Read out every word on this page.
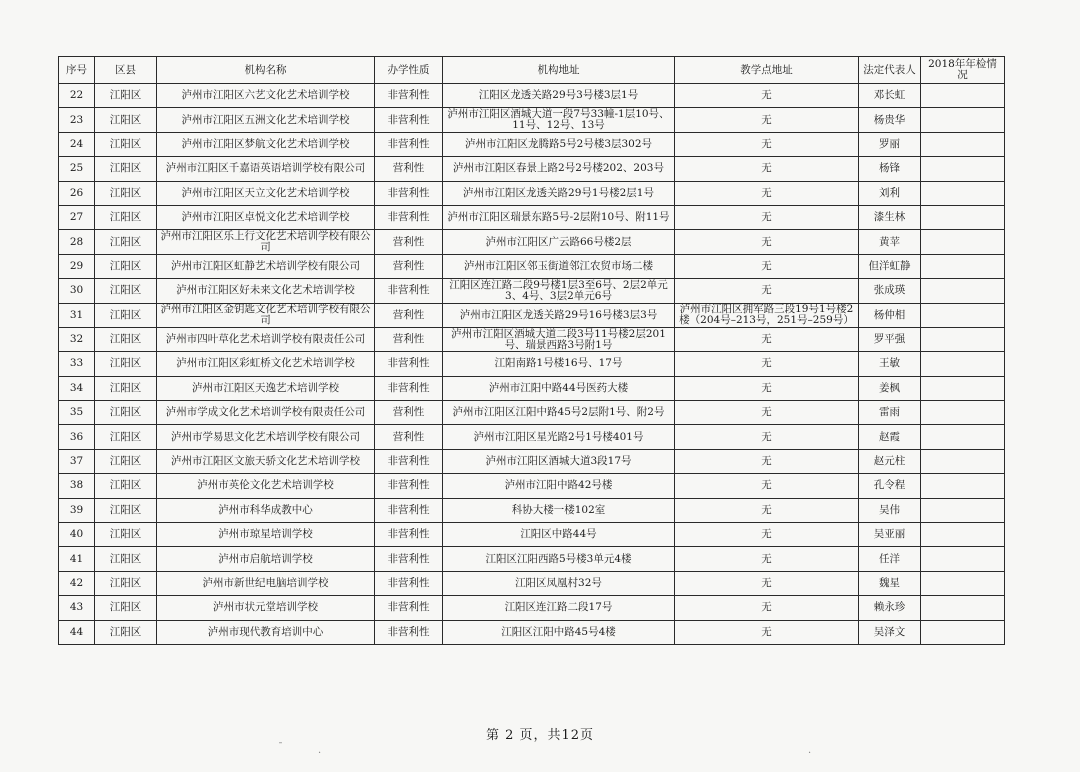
序号	区县	机构名称	办学性质	机构地址	教学点地址	法定代表人	2018年年检情况
22	江阳区	泸州市江阳区六艺文化艺术培训学校	非营利性	江阳区龙透关路29号3号楼3层1号	无	邓长虹	
23	江阳区	泸州市江阳区五洲文化艺术培训学校	非营利性	泸州市江阳区酒城大道一段7号33幢-1层10号、11号、12号、13号	无	杨贵华	
24	江阳区	泸州市江阳区梦航文化艺术培训学校	非营利性	泸州市江阳区龙腾路5号2号楼3层302号	无	罗丽	
25	江阳区	泸州市江阳区千嘉语英语培训学校有限公司	营利性	泸州市江阳区春景上路2号2号楼202、203号	无	杨锋	
26	江阳区	泸州市江阳区天立文化艺术培训学校	非营利性	泸州市江阳区龙透关路29号1号楼2层1号	无	刘利	
27	江阳区	泸州市江阳区卓悦文化艺术培训学校	非营利性	泸州市江阳区瑞景东路5号-2层附10号、附11号	无	漆生林	
28	江阳区	泸州市江阳区乐上行文化艺术培训学校有限公司	营利性	泸州市江阳区广云路66号楼2层	无	黄苹	
29	江阳区	泸州市江阳区虹静艺术培训学校有限公司	营利性	泸州市江阳区邻玉街道邻江农贸市场二楼	无	但洋虹静	
30	江阳区	泸州市江阳区好未来文化艺术培训学校	非营利性	江阳区连江路二段9号楼1层3至6号、2层2单元3、4号、3层2单元6号	无	张成瑛	
31	江阳区	泸州市江阳区金钥匙文化艺术培训学校有限公司	营利性	泸州市江阳区龙透关路29号16号楼3层3号	泸州市江阳区拥军路三段19号1号楼2楼（204号–213号，251号–259号）	杨仲相	
32	江阳区	泸州市四叶草化艺术培训学校有限责任公司	营利性	泸州市江阳区酒城大道二段3号11号楼2层201号、瑞景西路3号附1号	无	罗平强	
33	江阳区	泸州市江阳区彩虹桥文化艺术培训学校	非营利性	江阳南路1号楼16号、17号	无	王敏	
34	江阳区	泸州市江阳区天逸艺术培训学校	非营利性	泸州市江阳中路44号医药大楼	无	姜枫	
35	江阳区	泸州市学成文化艺术培训学校有限责任公司	营利性	泸州市江阳区江阳中路45号2层附1号、附2号	无	雷雨	
36	江阳区	泸州市学易思文化艺术培训学校有限公司	营利性	泸州市江阳区星光路2号1号楼401号	无	赵霞	
37	江阳区	泸州市江阳区文旅天骄文化艺术培训学校	非营利性	泸州市江阳区酒城大道3段17号	无	赵元柱	
38	江阳区	泸州市英伦文化艺术培训学校	非营利性	泸州市江阳中路42号楼	无	孔令程	
39	江阳区	泸州市科华成教中心	非营利性	科协大楼一楼102室	无	吴伟	
40	江阳区	泸州市琼星培训学校	非营利性	江阳区中路44号	无	吴亚丽	
41	江阳区	泸州市启航培训学校	非营利性	江阳区江阳西路5号楼3单元4楼	无	任洋	
42	江阳区	泸州市新世纪电脑培训学校	非营利性	江阳区凤凰村32号	无	魏星	
43	江阳区	泸州市状元堂培训学校	非营利性	江阳区连江路二段17号	无	赖永珍	
44	江阳区	泸州市现代教育培训中心	非营利性	江阳区江阳中路45号4楼	无	吴泽文	
第 2 页，共12页
ˉ
·	·
